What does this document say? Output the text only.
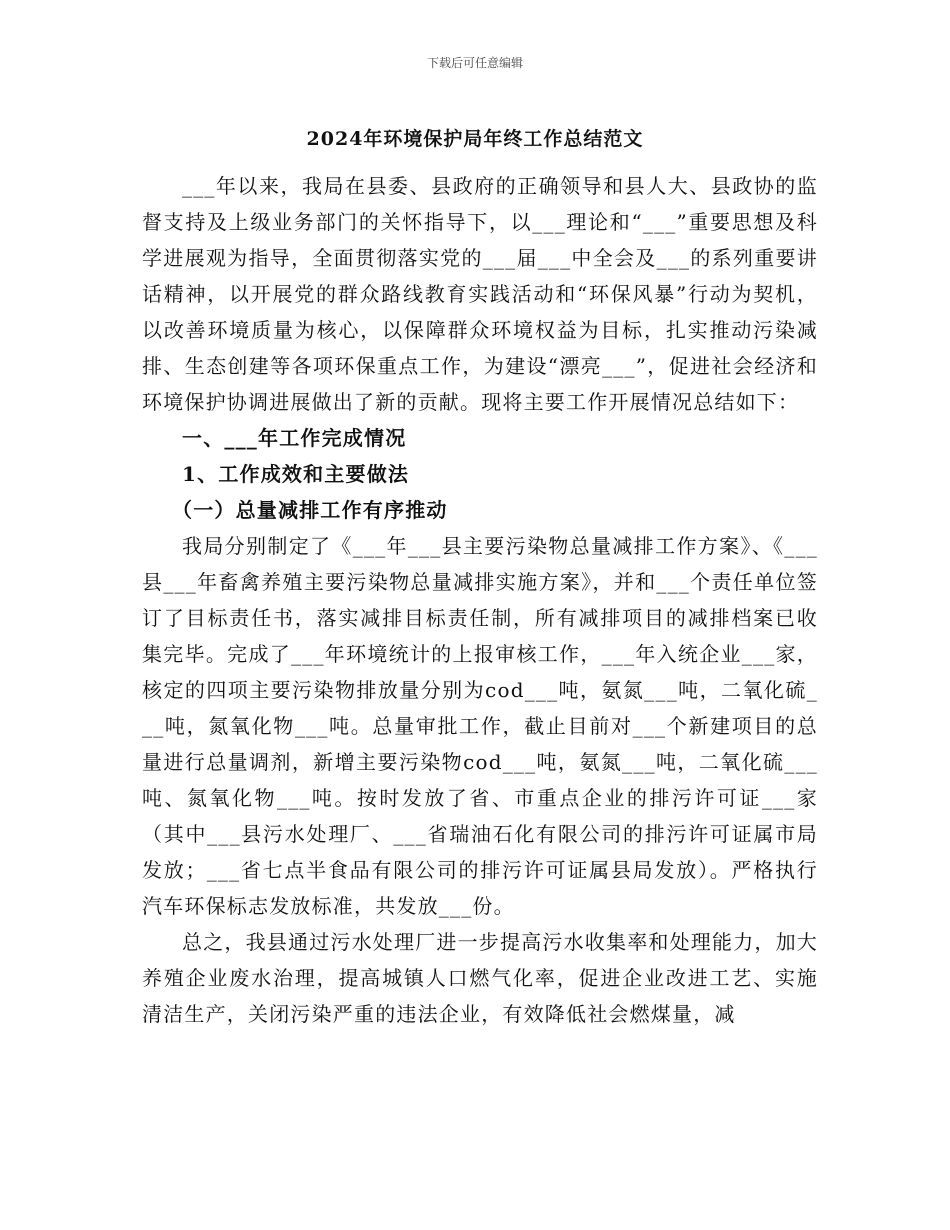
下载后可任意编辑
2024年环境保护局年终工作总结范文

___年以来，我局在县委、县政府的正确领导和县人大、县政协的监督支持及上级业务部门的关怀指导下，以___理论和“___”重要思想及科学进展观为指导，全面贯彻落实党的___届___中全会及___的系列重要讲话精神，以开展党的群众路线教育实践活动和“环保风暴”行动为契机，以改善环境质量为核心，以保障群众环境权益为目标，扎实推动污染减排、生态创建等各项环保重点工作，为建设“漂亮___”，促进社会经济和环境保护协调进展做出了新的贡献。现将主要工作开展情况总结如下：

一、___年工作完成情况

1、工作成效和主要做法

（一）总量减排工作有序推动

我局分别制定了《___年___县主要污染物总量减排工作方案》、《___县___年畜禽养殖主要污染物总量减排实施方案》，并和___个责任单位签订了目标责任书，落实减排目标责任制，所有减排项目的减排档案已收集完毕。完成了___年环境统计的上报审核工作，___年入统企业___家，核定的四项主要污染物排放量分别为cod___吨，氨氮___吨，二氧化硫___吨，氮氧化物___吨。总量审批工作，截止目前对___个新建项目的总量进行总量调剂，新增主要污染物cod___吨，氨氮___吨，二氧化硫___吨、氮氧化物___吨。按时发放了省、市重点企业的排污许可证___家（其中___县污水处理厂、___省瑞油石化有限公司的排污许可证属市局发放；___省七点半食品有限公司的排污许可证属县局发放）。严格执行汽车环保标志发放标准，共发放___份。

总之，我县通过污水处理厂进一步提高污水收集率和处理能力，加大养殖企业废水治理，提高城镇人口燃气化率，促进企业改进工艺、实施清洁生产，关闭污染严重的违法企业，有效降低社会燃煤量，减
